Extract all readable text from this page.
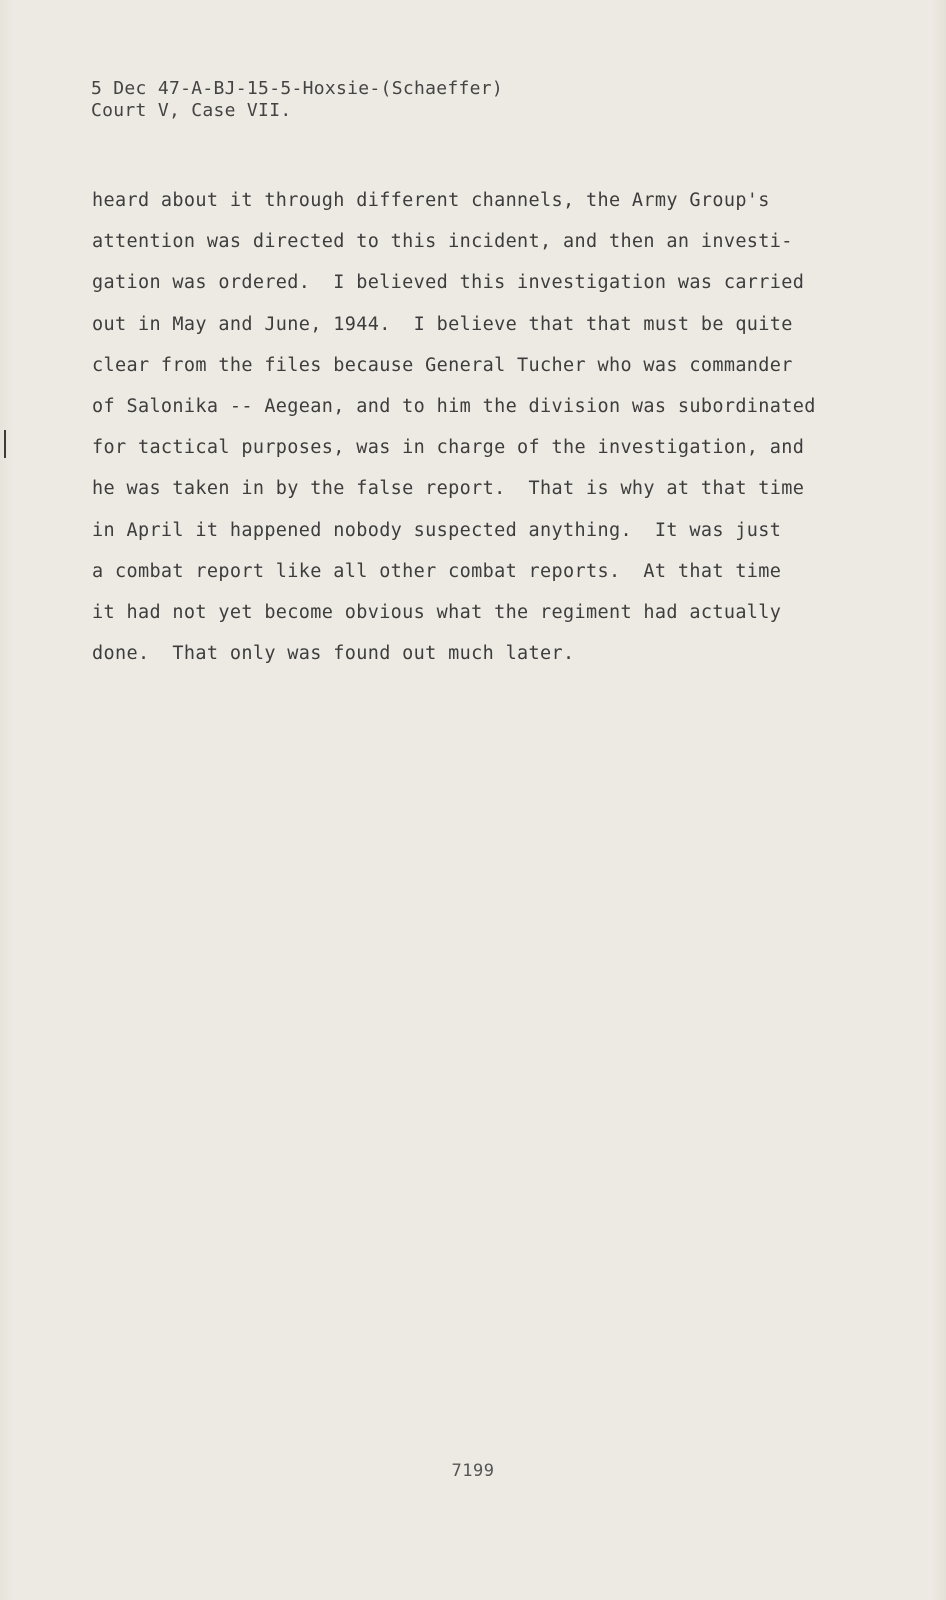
5 Dec 47-A-BJ-15-5-Hoxsie-(Schaeffer)
Court V, Case VII.
heard about it through different channels, the Army Group's
attention was directed to this incident, and then an investi-
gation was ordered.  I believed this investigation was carried
out in May and June, 1944.  I believe that that must be quite
clear from the files because General Tucher who was commander
of Salonika -- Aegean, and to him the division was subordinated
for tactical purposes, was in charge of the investigation, and
he was taken in by the false report.  That is why at that time
in April it happened nobody suspected anything.  It was just
a combat report like all other combat reports.  At that time
it had not yet become obvious what the regiment had actually
done.  That only was found out much later.
7199
